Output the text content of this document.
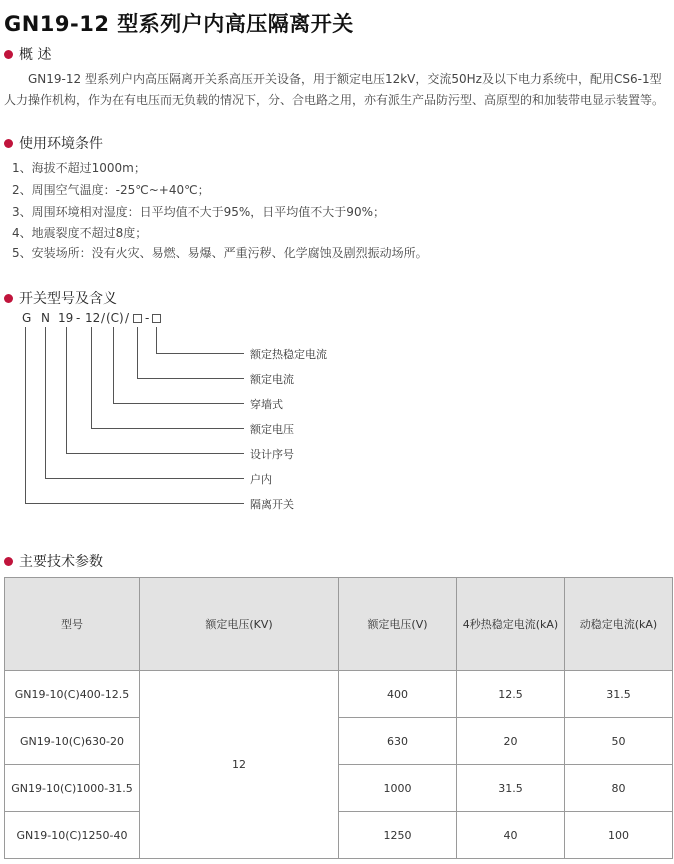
GN19-12 型系列户内高压隔离开关
概 述
GN19-12 型系列户内高压隔离开关系高压开关设备，用于额定电压12kV，交流50Hz及以下电力系统中，配用CS6-1型人力操作机构，作为在有电压而无负载的情况下，分、合电路之用，亦有派生产品防污型、高原型的和加装带电显示装置等。
使用环境条件
1、海拔不超过1000m；
2、周围空气温度：-25℃~+40℃；
3、周围环境相对湿度：日平均值不大于95%，日平均值不大于90%；
4、地震裂度不超过8度；
5、安装场所：没有火灾、易燃、易爆、严重污秽、化学腐蚀及剧烈振动场所。
开关型号及含义
G N 19 - 12 / (C) / -
额定热稳定电流
额定电流
穿墙式
额定电压
设计序号
户内
隔离开关
主要技术参数
型号	额定电压(KV)	额定电压(V)	4秒热稳定电流(kA)	动稳定电流(kA)
GN19-10(C)400-12.5	12	400	12.5	31.5
GN19-10(C)630-20		630	20	50
GN19-10(C)1000-31.5		1000	31.5	80
GN19-10(C)1250-40		1250	40	100
